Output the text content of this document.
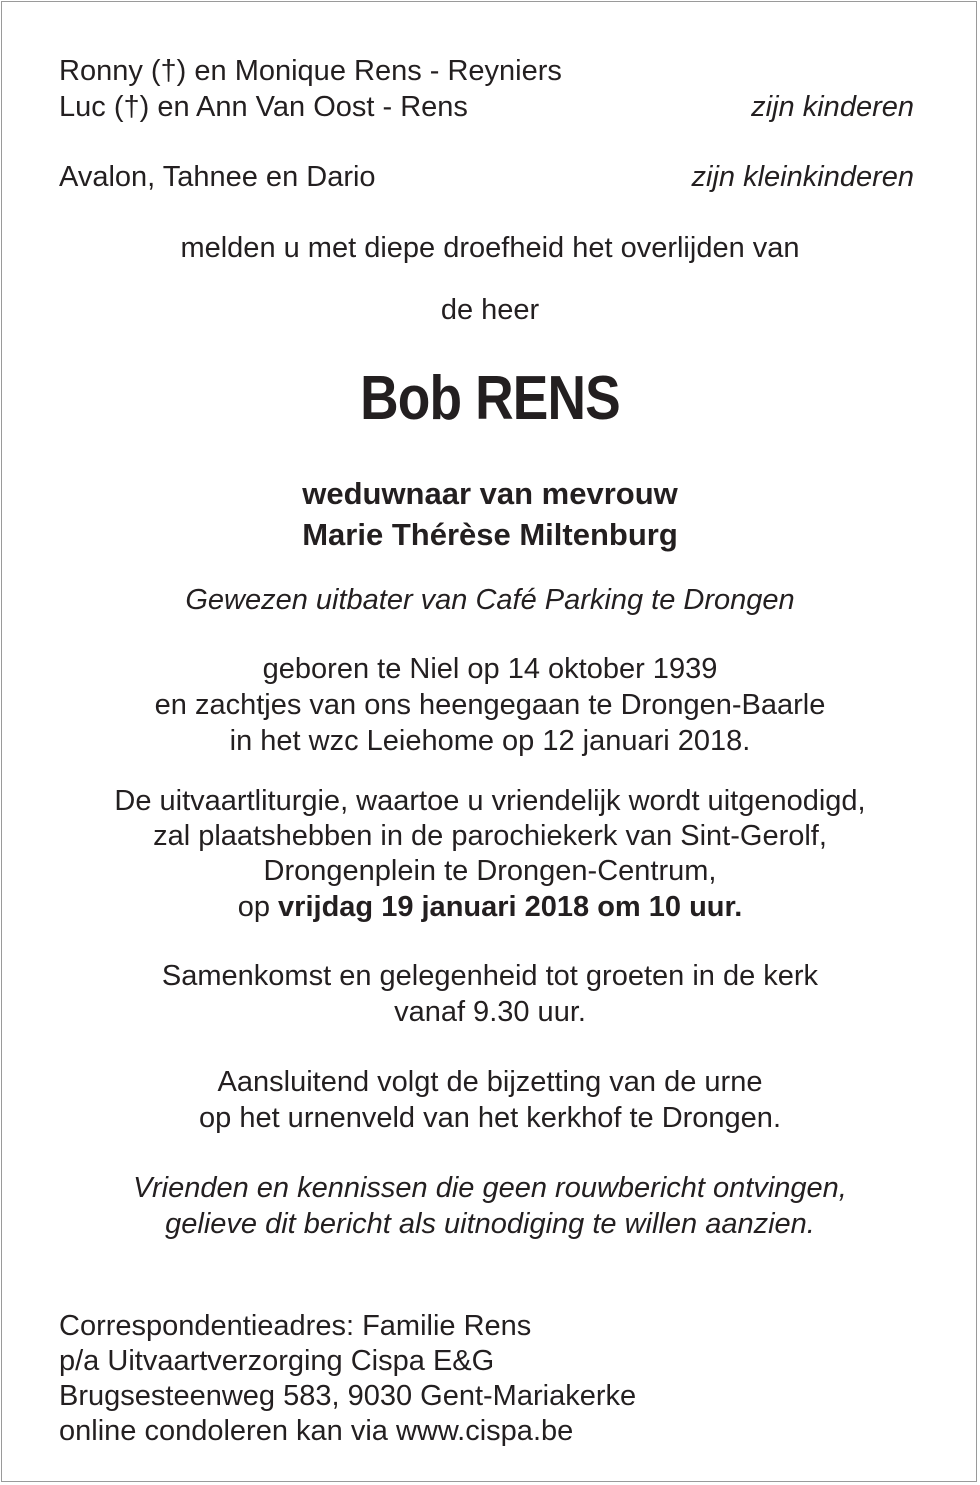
Ronny (†) en Monique Rens - Reyniers
Luc (†) en Ann Van Oost - Rens	zijn kinderen
Avalon, Tahnee en Dario	zijn kleinkinderen
melden u met diepe droefheid het overlijden van
de heer
Bob RENS
weduwnaar van mevrouw
Marie Thérèse Miltenburg
Gewezen uitbater van Café Parking te Drongen
geboren te Niel op 14 oktober 1939
en zachtjes van ons heengegaan te Drongen-Baarle
in het wzc Leiehome op 12 januari 2018.
De uitvaartliturgie, waartoe u vriendelijk wordt uitgenodigd,
zal plaatshebben in de parochiekerk van Sint-Gerolf,
Drongenplein te Drongen-Centrum,
op vrijdag 19 januari 2018 om 10 uur.
Samenkomst en gelegenheid tot groeten in de kerk
vanaf 9.30 uur.
Aansluitend volgt de bijzetting van de urne
op het urnenveld van het kerkhof te Drongen.
Vrienden en kennissen die geen rouwbericht ontvingen,
gelieve dit bericht als uitnodiging te willen aanzien.
Correspondentieadres: Familie Rens
p/a Uitvaartverzorging Cispa E&G
Brugsesteenweg 583, 9030 Gent-Mariakerke
online condoleren kan via www.cispa.be
